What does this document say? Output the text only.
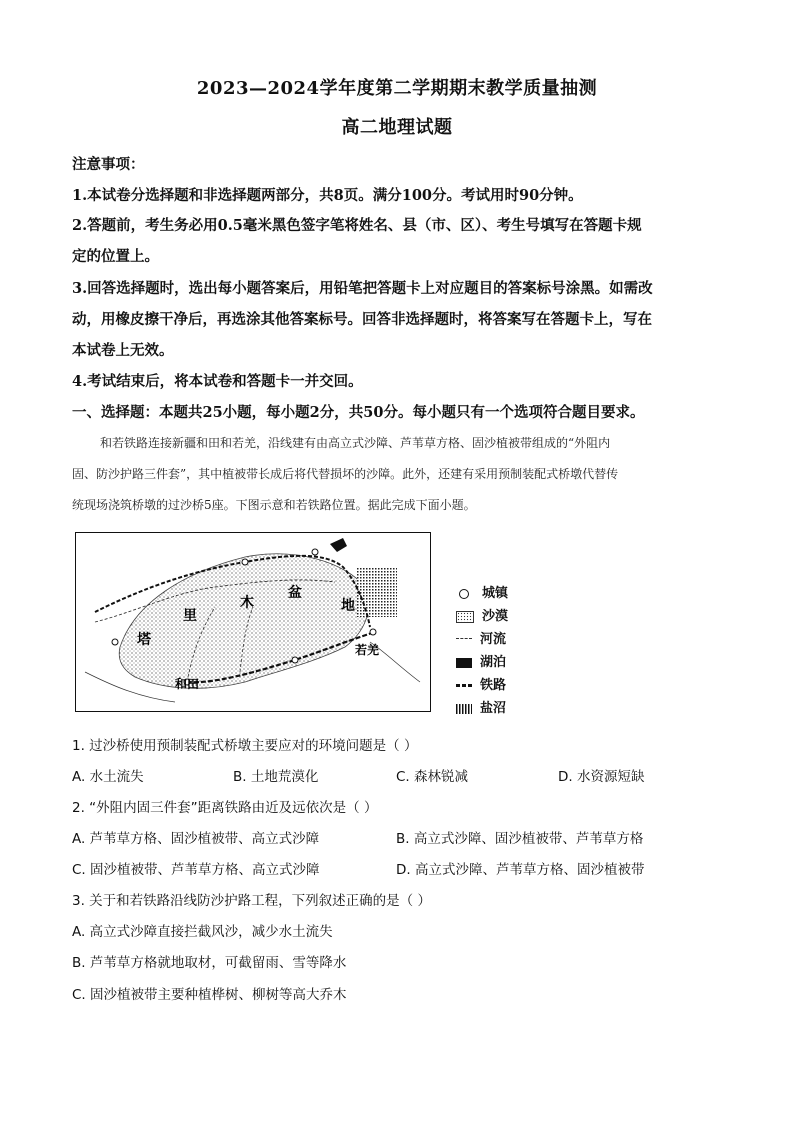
2023—2024学年度第二学期期末教学质量抽测
高二地理试题
注意事项：
1.本试卷分选择题和非选择题两部分，共8页。满分100分。考试用时90分钟。
2.答题前，考生务必用0.5毫米黑色签字笔将姓名、县（市、区）、考生号填写在答题卡规
定的位置上。
3.回答选择题时，选出每小题答案后，用铅笔把答题卡上对应题目的答案标号涂黑。如需改
动，用橡皮擦干净后，再选涂其他答案标号。回答非选择题时，将答案写在答题卡上，写在
本试卷上无效。
4.考试结束后，将本试卷和答题卡一并交回。
一、选择题：本题共25小题，每小题2分，共50分。每小题只有一个选项符合题目要求。
和若铁路连接新疆和田和若羌，沿线建有由高立式沙障、芦苇草方格、固沙植被带组成的“外阻内
固、防沙护路三件套”，其中植被带长成后将代替损坏的沙障。此外，还建有采用预制装配式桥墩代替传
统现场浇筑桥墩的过沙桥5座。下图示意和若铁路位置。据此完成下面小题。
塔
里
木
盆
地
和田
若羌
城镇
沙漠
河流
湖泊
铁路
盐沼
1. 过沙桥使用预制装配式桥墩主要应对的环境问题是（ ）
A. 水土流失	B. 土地荒漠化	C. 森林锐减	D. 水资源短缺
2. “外阻内固三件套”距离铁路由近及远依次是（ ）
A. 芦苇草方格、固沙植被带、高立式沙障	B. 高立式沙障、固沙植被带、芦苇草方格
C. 固沙植被带、芦苇草方格、高立式沙障	D. 高立式沙障、芦苇草方格、固沙植被带
3. 关于和若铁路沿线防沙护路工程，下列叙述正确的是（ ）
A. 高立式沙障直接拦截风沙，减少水土流失
B. 芦苇草方格就地取材，可截留雨、雪等降水
C. 固沙植被带主要种植桦树、柳树等高大乔木
